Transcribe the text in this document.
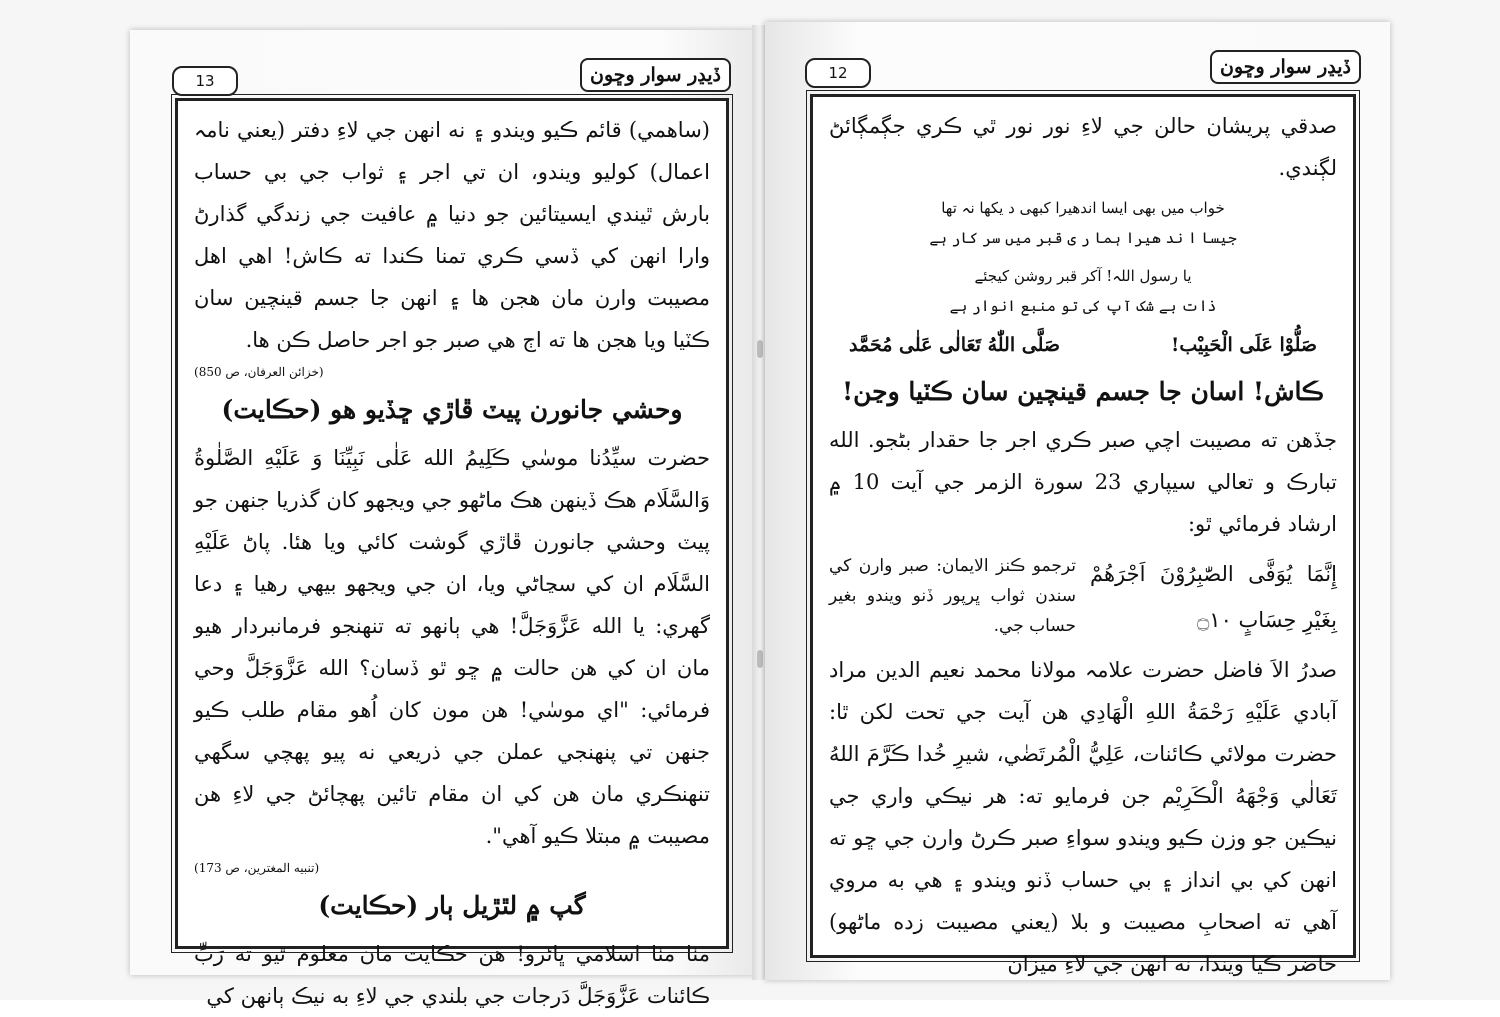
13	ڏيڍر سوار وڇون

(ساهمي) قائم ڪيو ويندو ۽ نه انهن جي لاءِ دفتر (يعني نامہ اعمال) کوليو ويندو، ان تي اجر ۽ ثواب جي بي حساب بارش ٿيندي ايسيتائين جو دنيا ۾ عافيت جي زندگي گذارڻ وارا انهن کي ڏسي ڪري تمنا ڪندا ته ڪاش! اهي اهل مصيبت وارن مان هجن ها ۽ انهن جا جسم قينچين سان ڪٽيا ويا هجن ها ته اڄ هي صبر جو اجر حاصل ڪن ها.

(خزائن العرفان، ص 850)
وحشي جانورن پيٽ ڦاڙي ڇڏيو هو (حڪايت)

حضرت سيِّدُنا موسٰي ڪَلِيمُ الله عَلٰی نَبِیِّنَا وَ عَلَیْهِ الصَّلٰوةُ وَالسَّلَام هڪ ڏينهن هڪ ماڻهو جي ويجهو کان گذريا جنهن جو پيٽ وحشي جانورن ڦاڙي گوشت کائي ويا هئا. پاڻ عَلَيْهِ السَّلَام ان کي سڃاڻي ويا، ان جي ويجهو بيهي رهيا ۽ دعا گهري: يا الله عَزَّوَجَلَّ! هي ٻانهو ته تنهنجو فرمانبردار هيو مان ان کي هن حالت ۾ ڇو ٿو ڏسان؟ الله عَزَّوَجَلَّ وحي فرمائي: "اي موسٰي! هن مون کان اُهو مقام طلب ڪيو جنهن تي پنهنجي عملن جي ذريعي نه پيو پهچي سگهي تنهنڪري مان هن کي ان مقام تائين پهچائڻ جي لاءِ هن مصيبت ۾ مبتلا ڪيو آهي".

(تنبيه المغترين، ص 173)
گپ ۾ لٿڙيل ٻار (حڪايت)

مٺا مٺا اسلامي ڀائرو! هن حڪايت مان معلوم ٿيو ته رَبِّ ڪائنات عَزَّوَجَلَّ دَرجات جي بلندي جي لاءِ به نيڪ ٻانهن کي

12	ڏيڍر سوار وڇون

صدقي پريشان حالن جي لاءِ نور نور ٿي ڪري جڳمڳائڻ لڳندي.

خواب میں بھی ایسا اندھیرا کبھی د یکھا نہ تھا

جیسا ا ند ھیرا ہما ر ی قبر میں سر کار ہے

یا رسول اللہ! آکر قبر روشن کیجئے

ذات بے شک آپ کی تو منبع انوار ہے

صَلُّوْا عَلَى الْحَبِيْب!
صَلَّى اللّٰهُ تَعَالٰى عَلٰى مُحَمَّد
ڪاش! اسان جا جسم قينچين سان ڪٽيا وڃن!

جڏهن ته مصيبت اچي صبر ڪري اجر جا حقدار بڻجو. الله تبارڪ و تعالي سيپاري 23 سورة الزمر جي آيت 10 ۾ ارشاد فرمائي ٿو:

إِنَّمَا يُوَفَّى الصّٰبِرُوْنَ اَجْرَهُمْ بِغَيْرِ حِسَابٍ ۝۱۰
ترجمو ڪنز الايمان: صبر وارن کي سندن ثواب ڀرپور ڏنو ويندو بغير حساب جي.

صدرُ الاَ فاضل حضرت علامہ مولانا محمد نعيم الدين مراد آبادي عَلَيْهِ رَحْمَةُ اللهِ الْهَادِي هن آيت جي تحت لکن ٿا: حضرت مولائي ڪائنات، عَلِيُّ الْمُرتَضٰي، شيرِ خُدا ڪَرَّمَ اللهُ تَعَالٰي وَجْهَهُ الْڪَرِيْم جن فرمايو ته: هر نيڪي واري جي نيڪين جو وزن ڪيو ويندو سواءِ صبر ڪرڻ وارن جي ڇو ته انهن کي بي انداز ۽ بي حساب ڏنو ويندو ۽ هي به مروي آهي ته اصحابِ مصيبت و بلا (يعني مصيبت زده ماڻهو) حاضر ڪيا ويندا، نه انهن جي لاءِ ميزان
